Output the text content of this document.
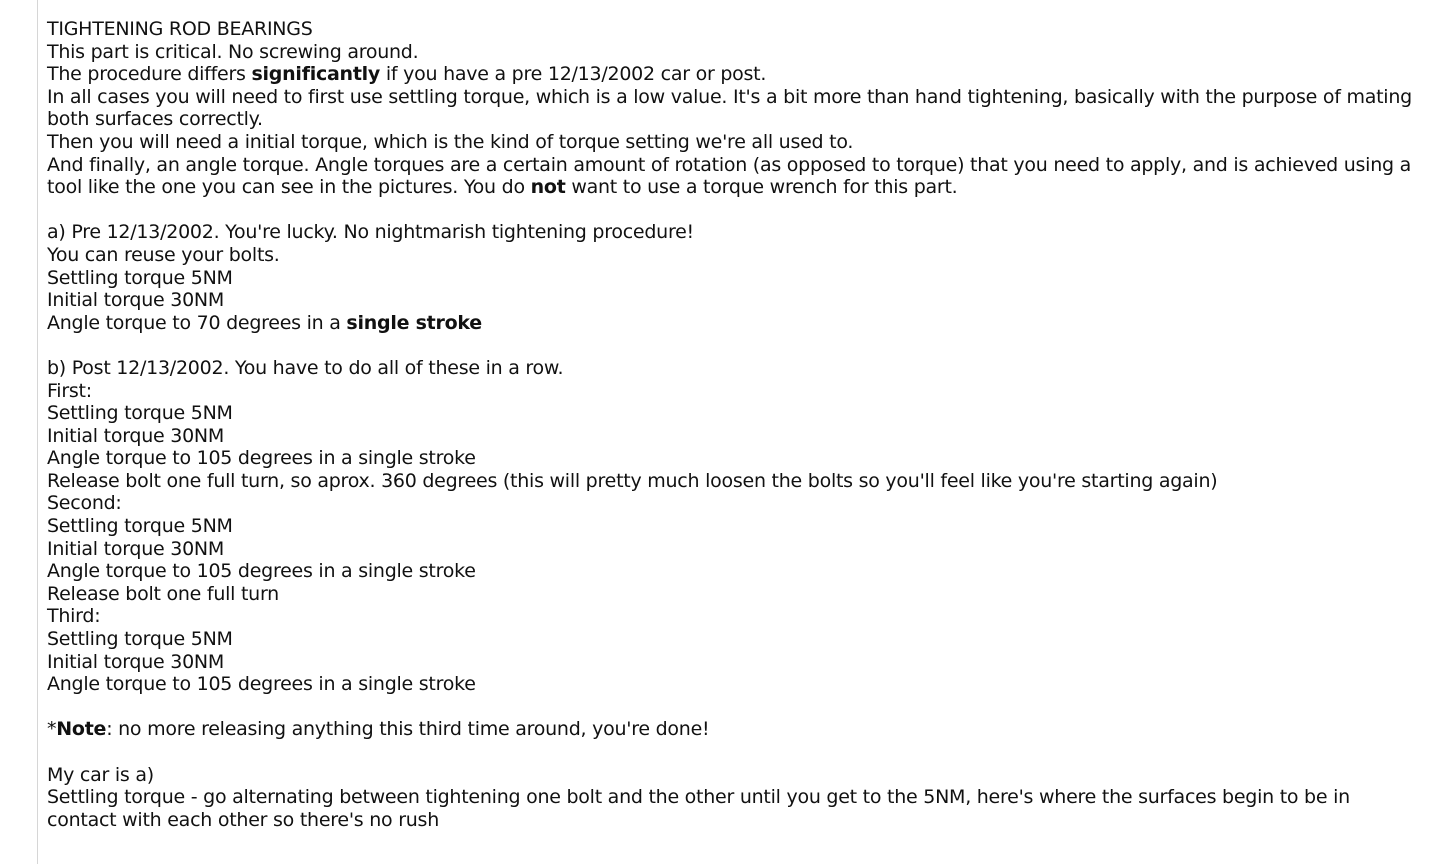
TIGHTENING ROD BEARINGS
This part is critical. No screwing around.
The procedure differs significantly if you have a pre 12/13/2002 car or post.
In all cases you will need to first use settling torque, which is a low value. It's a bit more than hand tightening, basically with the purpose of mating both surfaces correctly.
Then you will need a initial torque, which is the kind of torque setting we're all used to.
And finally, an angle torque. Angle torques are a certain amount of rotation (as opposed to torque) that you need to apply, and is achieved using a tool like the one you can see in the pictures. You do not want to use a torque wrench for this part.
a) Pre 12/13/2002. You're lucky. No nightmarish tightening procedure!
You can reuse your bolts.
Settling torque 5NM
Initial torque 30NM
Angle torque to 70 degrees in a single stroke
b) Post 12/13/2002. You have to do all of these in a row.
First:
Settling torque 5NM
Initial torque 30NM
Angle torque to 105 degrees in a single stroke
Release bolt one full turn, so aprox. 360 degrees (this will pretty much loosen the bolts so you'll feel like you're starting again)
Second:
Settling torque 5NM
Initial torque 30NM
Angle torque to 105 degrees in a single stroke
Release bolt one full turn
Third:
Settling torque 5NM
Initial torque 30NM
Angle torque to 105 degrees in a single stroke
*Note: no more releasing anything this third time around, you're done!
My car is a)
Settling torque - go alternating between tightening one bolt and the other until you get to the 5NM, here's where the surfaces begin to be in contact with each other so there's no rush
